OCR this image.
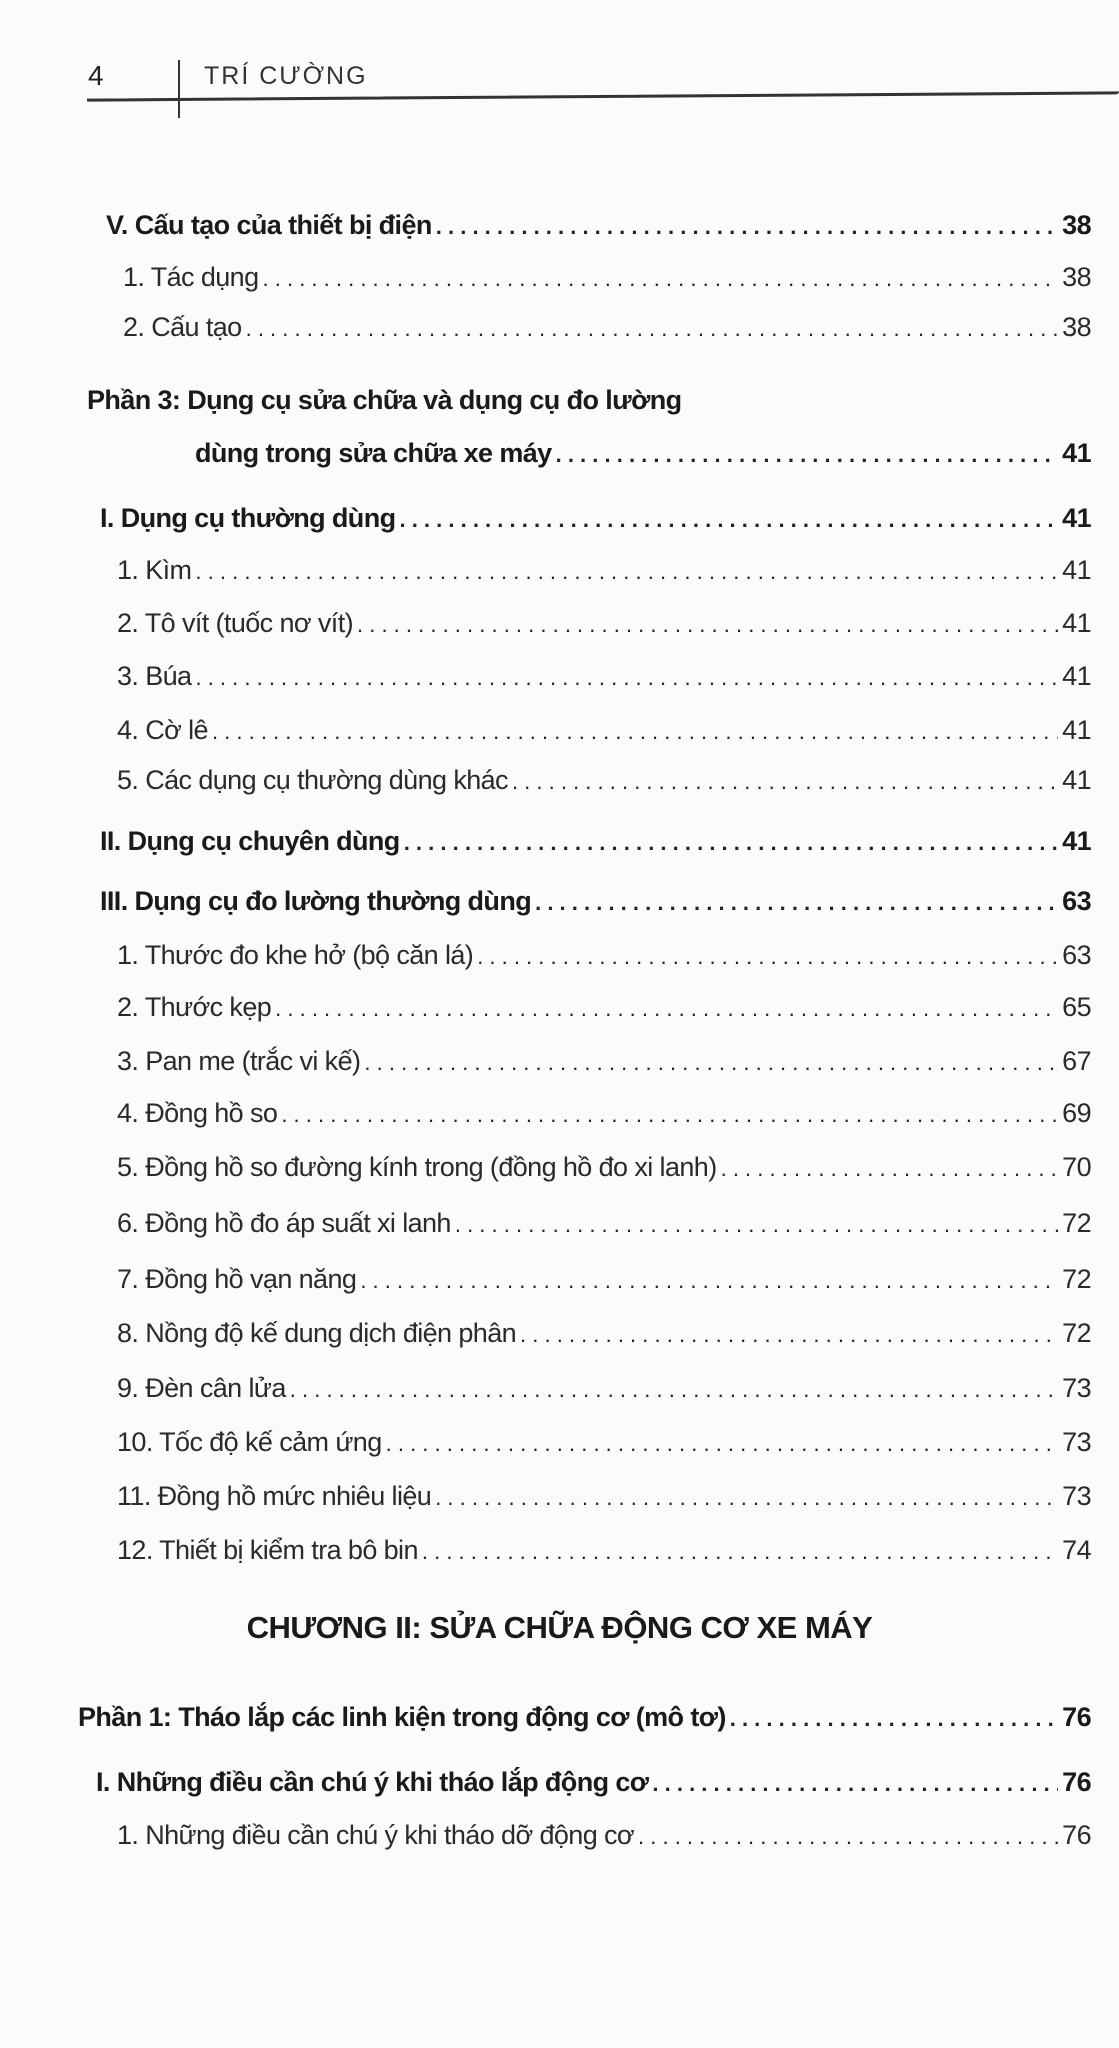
4	TRÍ CƯỜNG
V. Cấu tạo của thiết bị điện . . .	38
1. Tác dụng . . .	38
2. Cấu tạo . . .	38
Phần 3: Dụng cụ sửa chữa và dụng cụ đo lường
dùng trong sửa chữa xe máy . . .	41
I. Dụng cụ thường dùng . . .	41
1. Kìm . . .	41
2. Tô vít (tuốc nơ vít) . . .	41
3. Búa . . .	41
4. Cờ lê . . .	41
5. Các dụng cụ thường dùng khác . . .	41
II. Dụng cụ chuyên dùng . . .	41
III. Dụng cụ đo lường thường dùng . . .	63
1. Thước đo khe hở (bộ căn lá) . . .	63
2. Thước kẹp . . .	65
3. Pan me (trắc vi kế) . . .	67
4. Đồng hồ so . . .	69
5. Đồng hồ so đường kính trong (đồng hồ đo xi lanh) . . .	70
6. Đồng hồ đo áp suất xi lanh . . .	72
7. Đồng hồ vạn năng . . .	72
8. Nồng độ kế dung dịch điện phân . . .	72
9. Đèn cân lửa . . .	73
10. Tốc độ kế cảm ứng . . .	73
11. Đồng hồ mức nhiêu liệu . . .	73
12. Thiết bị kiểm tra bô bin . . .	74
CHƯƠNG II: SỬA CHỮA ĐỘNG CƠ XE MÁY
Phần 1: Tháo lắp các linh kiện trong động cơ (mô tơ) . . .	76
I. Những điều cần chú ý khi tháo lắp động cơ . . .	76
1. Những điều cần chú ý khi tháo dỡ động cơ . . .	76
